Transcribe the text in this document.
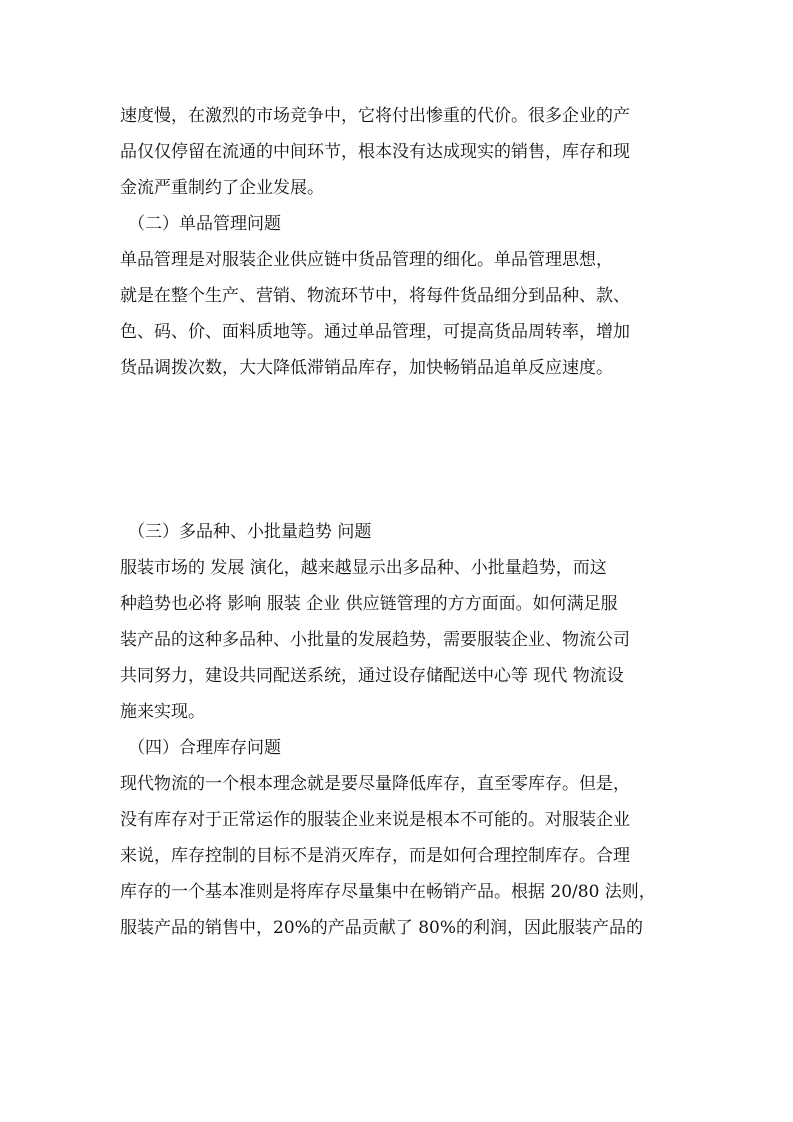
速度慢，在激烈的市场竞争中，它将付出惨重的代价。很多企业的产
品仅仅停留在流通的中间环节，根本没有达成现实的销售，库存和现
金流严重制约了企业发展。
（二）单品管理问题
单品管理是对服装企业供应链中货品管理的细化。单品管理思想，
就是在整个生产、营销、物流环节中，将每件货品细分到品种、款、
色、码、价、面料质地等。通过单品管理，可提高货品周转率，增加
货品调拨次数，大大降低滞销品库存，加快畅销品追单反应速度。
（三）多品种、小批量趋势 问题
服装市场的 发展 演化，越来越显示出多品种、小批量趋势，而这
种趋势也必将 影响 服装 企业 供应链管理的方方面面。如何满足服
装产品的这种多品种、小批量的发展趋势，需要服装企业、物流公司
共同努力，建设共同配送系统，通过设存储配送中心等 现代 物流设
施来实现。
（四）合理库存问题
现代物流的一个根本理念就是要尽量降低库存，直至零库存。但是，
没有库存对于正常运作的服装企业来说是根本不可能的。对服装企业
来说，库存控制的目标不是消灭库存，而是如何合理控制库存。合理
库存的一个基本准则是将库存尽量集中在畅销产品。根据 20/80 法则，
服装产品的销售中，20%的产品贡献了 80%的利润，因此服装产品的
